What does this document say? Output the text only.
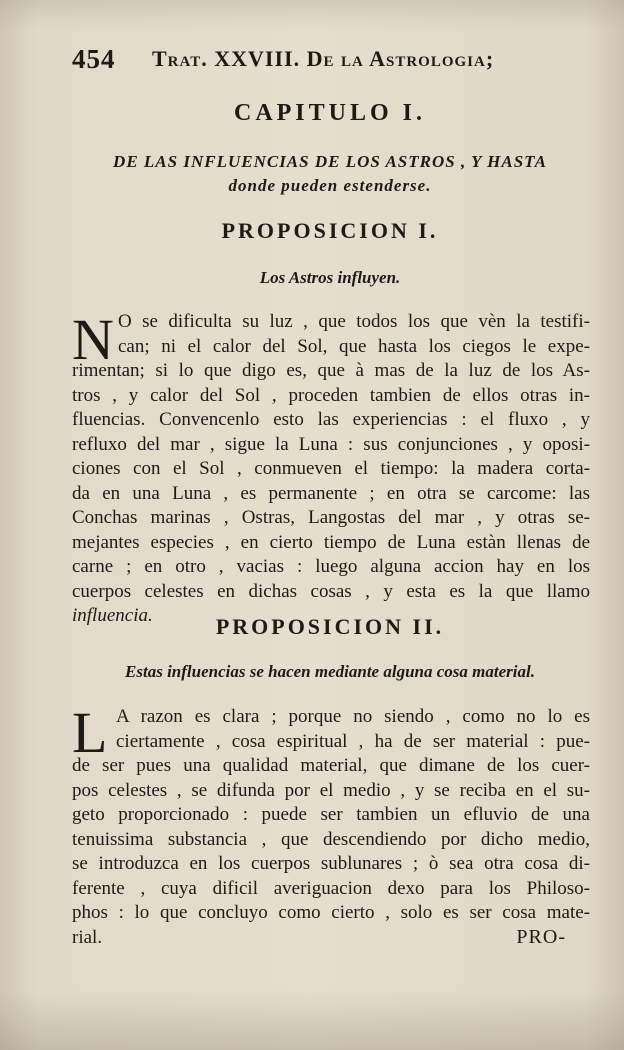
454 Trat. XXVIII. De la Astrologia;
CAPITULO I.
DE LAS INFLUENCIAS DE LOS ASTROS , Y HASTA
donde pueden estenderse.
PROPOSICION I.
Los Astros influyen.
N O se dificulta su luz , que todos los que vèn la testifi-
can; ni el calor del Sol, que hasta los ciegos le expe-
rimentan; si lo que digo es, que à mas de la luz de los As-
tros , y calor del Sol , proceden tambien de ellos otras in-
fluencias. Convencenlo esto las experiencias : el fluxo , y
refluxo del mar , sigue la Luna : sus conjunciones , y oposi-
ciones con el Sol , conmueven el tiempo: la madera corta-
da en una Luna , es permanente ; en otra se carcome: las
Conchas marinas , Ostras, Langostas del mar , y otras se-
mejantes especies , en cierto tiempo de Luna estàn llenas de
carne ; en otro , vacias : luego alguna accion hay en los
cuerpos celestes en dichas cosas , y esta es la que llamo
influencia.	PROPOSICION II.
Estas influencias se hacen mediante alguna cosa material.
L A razon es clara ; porque no siendo , como no lo es
ciertamente , cosa espiritual , ha de ser material : pue-
de ser pues una qualidad material, que dimane de los cuer-
pos celestes , se difunda por el medio , y se reciba en el su-
geto proporcionado : puede ser tambien un efluvio de una
tenuissima substancia , que descendiendo por dicho medio,
se introduzca en los cuerpos sublunares ; ò sea otra cosa di-
ferente , cuya dificil averiguacion dexo para los Philoso-
phos : lo que concluyo como cierto , solo es ser cosa mate-
rial.	PRO-
